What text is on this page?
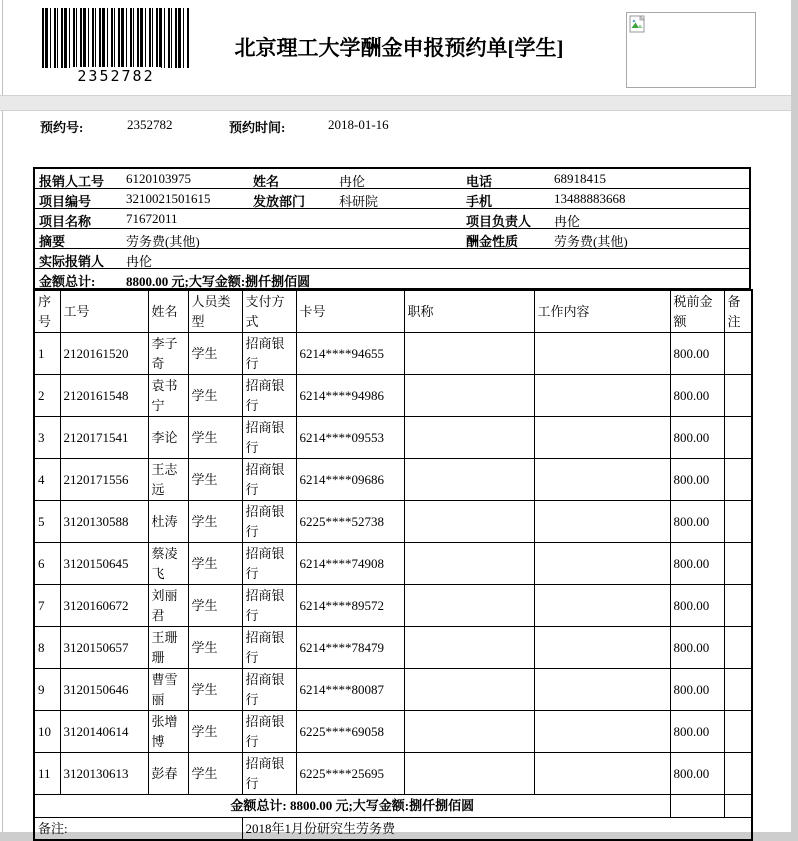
2352782
北京理工大学酬金申报预约单[学生]
预约号:	2352782	预约时间:	2018-01-16
报销人工号 6120103975	姓名	冉伦	电话	68918415
项目编号	3210021501615	发放部门	科研院	手机	13488883668
项目名称	71672011	项目负责人 冉伦
摘要	劳务费(其他)	酬金性质	劳务费(其他)
实际报销人 冉伦
金额总计: 8800.00 元;大写金额:捌仟捌佰圆
序号	工号	姓名	人员类型	支付方式	卡号	职称	工作内容	税前金额	备注
1	2120161520	李子奇	学生	招商银行	6214****94655			800.00	
2	2120161548	袁书宁	学生	招商银行	6214****94986			800.00	
3	2120171541	李论	学生	招商银行	6214****09553			800.00	
4	2120171556	王志远	学生	招商银行	6214****09686			800.00	
5	3120130588	杜涛	学生	招商银行	6225****52738			800.00	
6	3120150645	蔡凌飞	学生	招商银行	6214****74908			800.00	
7	3120160672	刘丽君	学生	招商银行	6214****89572			800.00	
8	3120150657	王珊珊	学生	招商银行	6214****78479			800.00	
9	3120150646	曹雪丽	学生	招商银行	6214****80087			800.00	
10	3120140614	张增博	学生	招商银行	6225****69058			800.00	
11	3120130613	彭春	学生	招商银行	6225****25695			800.00	
金额总计: 8800.00 元;大写金额:捌仟捌佰圆									
备注:				2018年1月份研究生劳务费					
